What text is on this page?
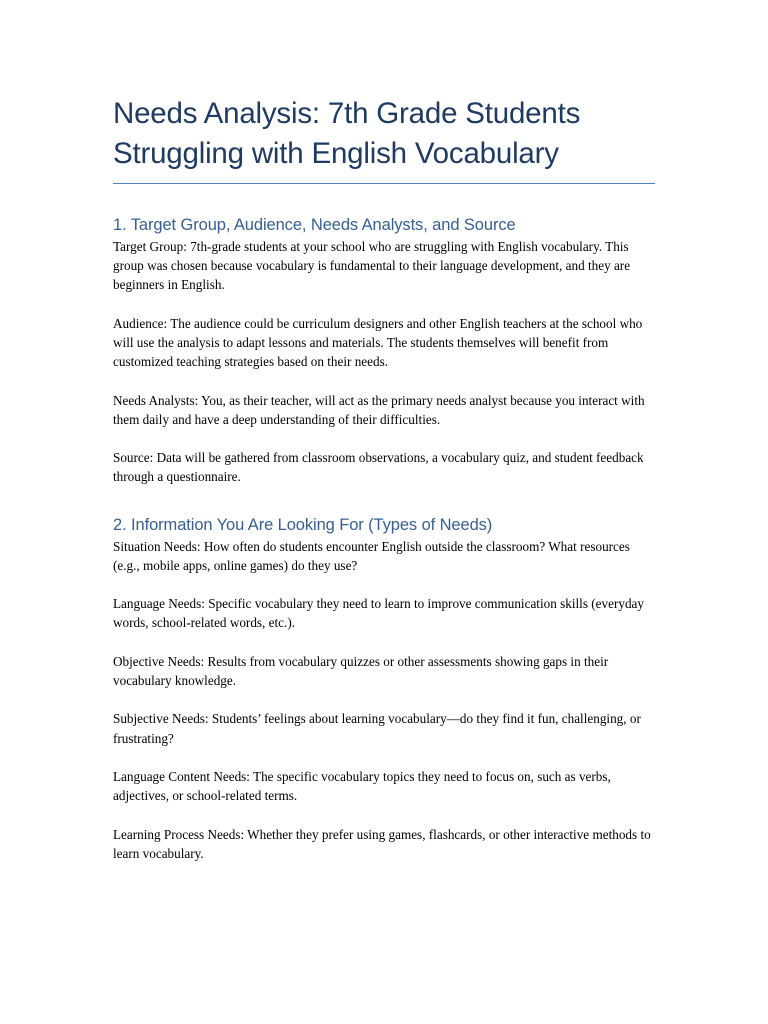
Needs Analysis: 7th Grade Students Struggling with English Vocabulary
1. Target Group, Audience, Needs Analysts, and Source

Target Group: 7th-grade students at your school who are struggling with English vocabulary. This group was chosen because vocabulary is fundamental to their language development, and they are beginners in English.

Audience: The audience could be curriculum designers and other English teachers at the school who will use the analysis to adapt lessons and materials. The students themselves will benefit from customized teaching strategies based on their needs.

Needs Analysts: You, as their teacher, will act as the primary needs analyst because you interact with them daily and have a deep understanding of their difficulties.

Source: Data will be gathered from classroom observations, a vocabulary quiz, and student feedback through a questionnaire.

2. Information You Are Looking For (Types of Needs)

Situation Needs: How often do students encounter English outside the classroom? What resources (e.g., mobile apps, online games) do they use?

Language Needs: Specific vocabulary they need to learn to improve communication skills (everyday words, school-related words, etc.).

Objective Needs: Results from vocabulary quizzes or other assessments showing gaps in their vocabulary knowledge.

Subjective Needs: Students’ feelings about learning vocabulary—do they find it fun, challenging, or frustrating?

Language Content Needs: The specific vocabulary topics they need to focus on, such as verbs, adjectives, or school-related terms.

Learning Process Needs: Whether they prefer using games, flashcards, or other interactive methods to learn vocabulary.
